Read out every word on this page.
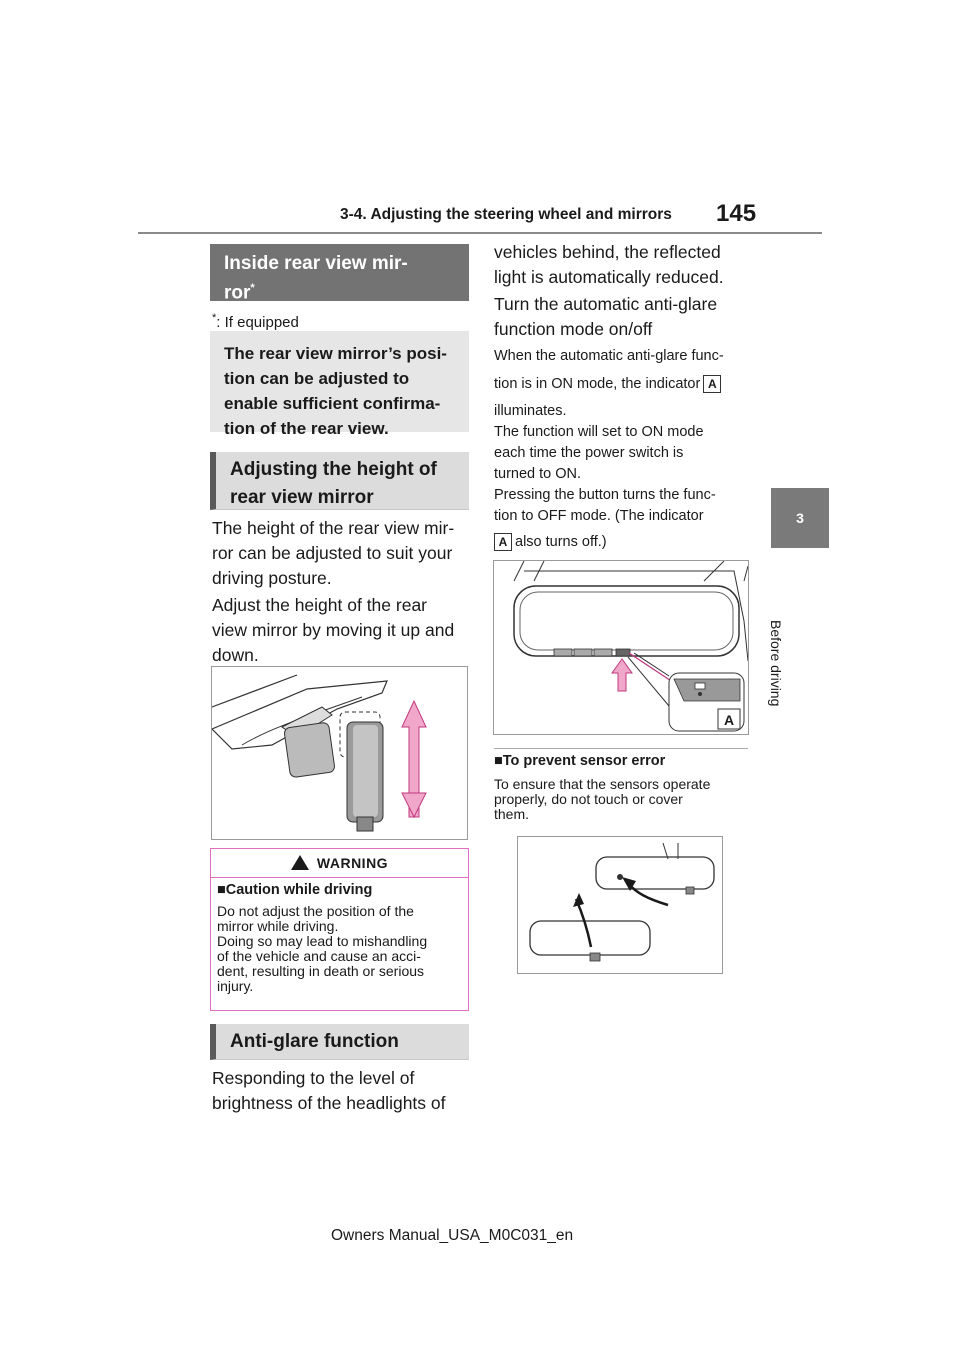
3-4. Adjusting the steering wheel and mirrors 145
3
Before driving
Inside rear view mir-
ror*
*: If equipped
The rear view mirror’s posi-
tion can be adjusted to
enable sufficient confirma-
tion of the rear view.
Adjusting the height of
rear view mirror
The height of the rear view mir-
ror can be adjusted to suit your
driving posture.
Adjust the height of the rear
view mirror by moving it up and
down.
WARNING
■Caution while driving
Do not adjust the position of the
mirror while driving.
Doing so may lead to mishandling
of the vehicle and cause an acci-
dent, resulting in death or serious
injury.
Anti-glare function
Responding to the level of
brightness of the headlights of
vehicles behind, the reflected
light is automatically reduced.
Turn the automatic anti-glare
function mode on/off
When the automatic anti-glare func-
tion is in ON mode, the indicator A
illuminates.
The function will set to ON mode
each time the power switch is
turned to ON.
Pressing the button turns the func-
tion to OFF mode. (The indicator
A also turns off.)
A
■To prevent sensor error
To ensure that the sensors operate
properly, do not touch or cover
them.
Owners Manual_USA_M0C031_en
